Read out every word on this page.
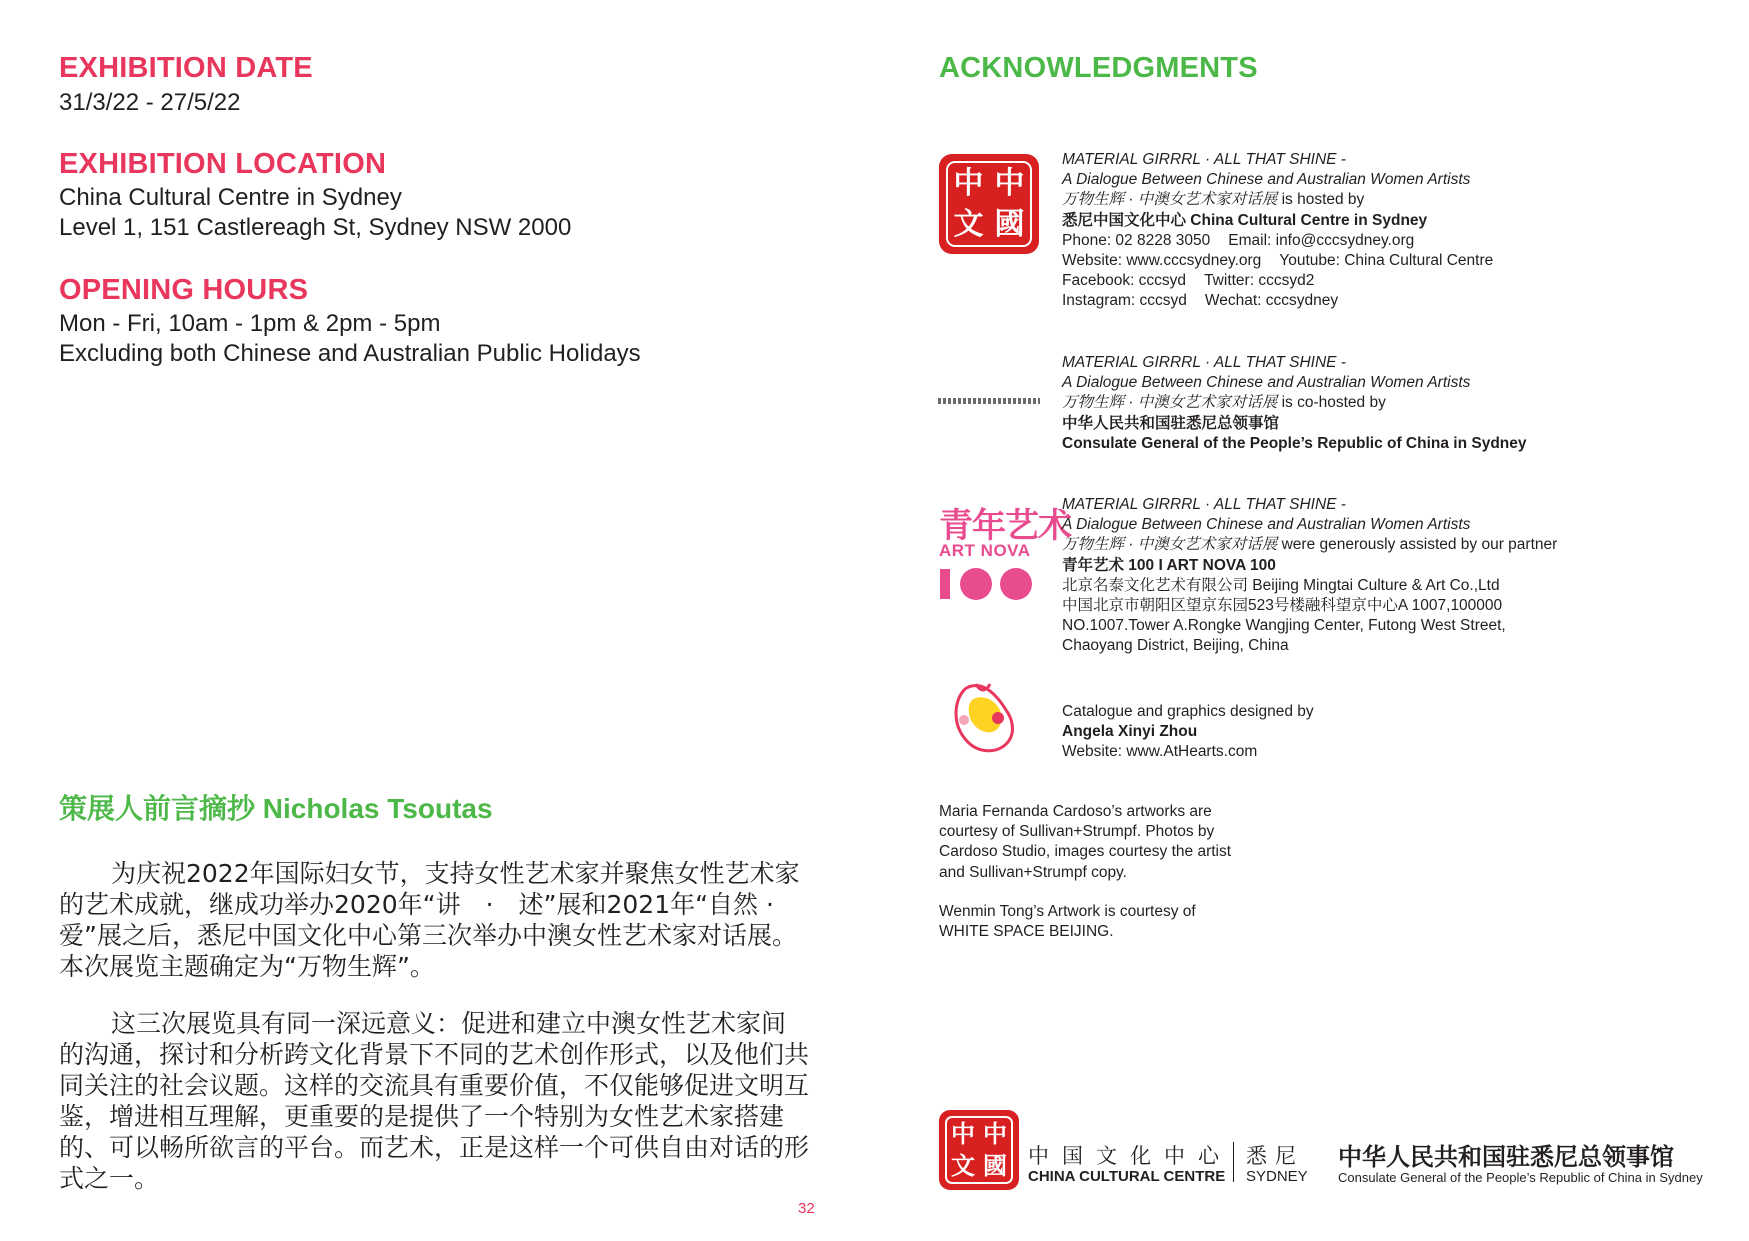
EXHIBITION DATE
31/3/22 - 27/5/22
EXHIBITION LOCATION
China Cultural Centre in Sydney
Level 1, 151 Castlereagh St, Sydney NSW 2000
OPENING HOURS
Mon - Fri, 10am - 1pm & 2pm - 5pm
Excluding both Chinese and Australian Public Holidays
策展人前言摘抄 Nicholas Tsoutas
为庆祝2022年国际妇女节，支持女性艺术家并聚焦女性艺术家
的艺术成就，继成功举办2020年“讲　·　述”展和2021年“自然 ·
爱”展之后，悉尼中国文化中心第三次举办中澳女性艺术家对话展。
本次展览主题确定为“万物生辉”。
这三次展览具有同一深远意义：促进和建立中澳女性艺术家间
的沟通，探讨和分析跨文化背景下不同的艺术创作形式，以及他们共
同关注的社会议题。这样的交流具有重要价值，不仅能够促进文明互
鉴，增进相互理解，更重要的是提供了一个特别为女性艺术家搭建
的、可以畅所欲言的平台。而艺术，正是这样一个可供自由对话的形
式之一。
32
ACKNOWLEDGMENTS
中 中
文 國
MATERIAL GIRRRL · ALL THAT SHINE -
A Dialogue Between Chinese and Australian Women Artists
万物生辉 · 中澳女艺术家对话展 is hosted by
悉尼中国文化中心 China Cultural Centre in Sydney
Phone: 02 8228 3050 Email: info@cccsydney.org
Website: www.cccsydney.org Youtube: China Cultural Centre
Facebook: cccsyd Twitter: cccsyd2
Instagram: cccsyd Wechat: cccsydney
MATERIAL GIRRRL · ALL THAT SHINE -
A Dialogue Between Chinese and Australian Women Artists
万物生辉 · 中澳女艺术家对话展 is co-hosted by
中华人民共和国驻悉尼总领事馆
Consulate General of the People’s Republic of China in Sydney
青年艺术
ART NOVA
MATERIAL GIRRRL · ALL THAT SHINE -
A Dialogue Between Chinese and Australian Women Artists
万物生辉 · 中澳女艺术家对话展 were generously assisted by our partner
青年艺术 100 I ART NOVA 100
北京名泰文化艺术有限公司 Beijing Mingtai Culture & Art Co.,Ltd
中国北京市朝阳区望京东园523号楼融科望京中心A 1007,100000
NO.1007.Tower A.Rongke Wangjing Center, Futong West Street,
Chaoyang District, Beijing, China
Catalogue and graphics designed by
Angela Xinyi Zhou
Website: www.AtHearts.com
Maria Fernanda Cardoso’s artworks are
courtesy of Sullivan+Strumpf. Photos by
Cardoso Studio, images courtesy the artist
and Sullivan+Strumpf copy.
Wenmin Tong’s Artwork is courtesy of
WHITE SPACE BEIJING.
中 中
文 國 中国文化中心
CHINA CULTURAL CENTRE
悉尼
SYDNEY
中华人民共和国驻悉尼总领事馆
Consulate General of the People’s Republic of China in Sydney
